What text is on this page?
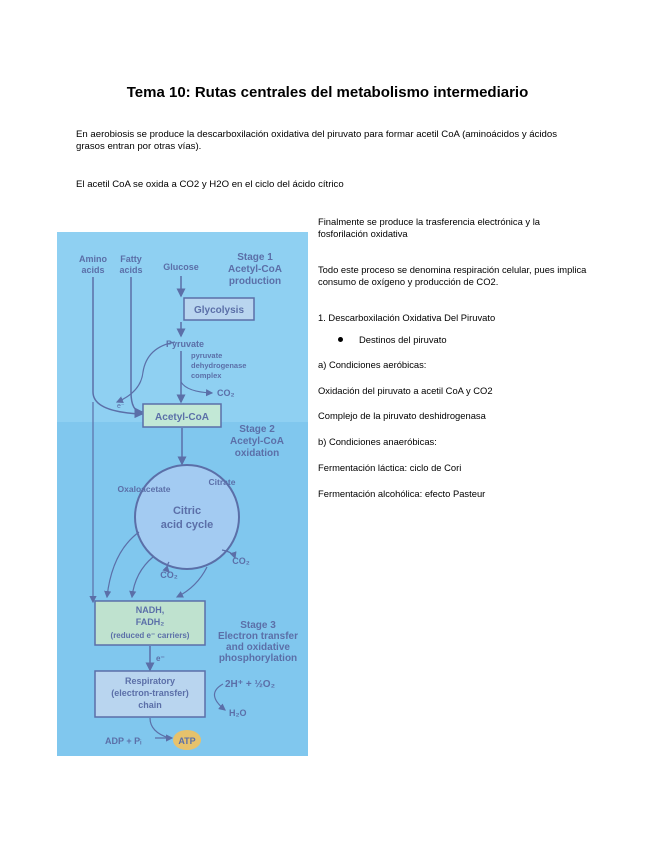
Tema 10: Rutas centrales del metabolismo intermediario
En aerobiosis se produce la descarboxilación oxidativa del piruvato para formar acetil CoA (aminoácidos y ácidos grasos entran por otras vías).
El acetil CoA se oxida a CO2 y H2O en el ciclo del ácido cítrico
Finalmente se produce la trasferencia electrónica y la fosforilación oxidativa
Todo este proceso se denomina respiración celular, pues implica consumo de oxígeno y producción de CO2.
1. Descarboxilación Oxidativa Del Piruvato
Destinos del piruvato
a) Condiciones aeróbicas:
Oxidación del piruvato a acetil CoA y CO2
Complejo de la piruvato deshidrogenasa
b) Condiciones anaeróbicas:
Fermentación láctica: ciclo de Cori
Fermentación alcohólica: efecto Pasteur
Amino
acids
Fatty
acids Glucose
Stage 1
Acetyl-CoA
production
Glycolysis
Pyruvate
pyruvate
dehydrogenase
complex
CO₂
e⁻
Acetyl-CoA
Stage 2
Acetyl-CoA
oxidation
Oxaloacetate
Citrate
Citric
acid cycle
CO₂
CO₂
NADH,
FADH₂
(reduced e⁻ carriers)
Stage 3
Electron transfer
and oxidative
phosphorylation
e⁻
Respiratory
(electron-transfer)
chain
2H⁺ + ½O₂
H₂O
ADP + Pᵢ	ATP
